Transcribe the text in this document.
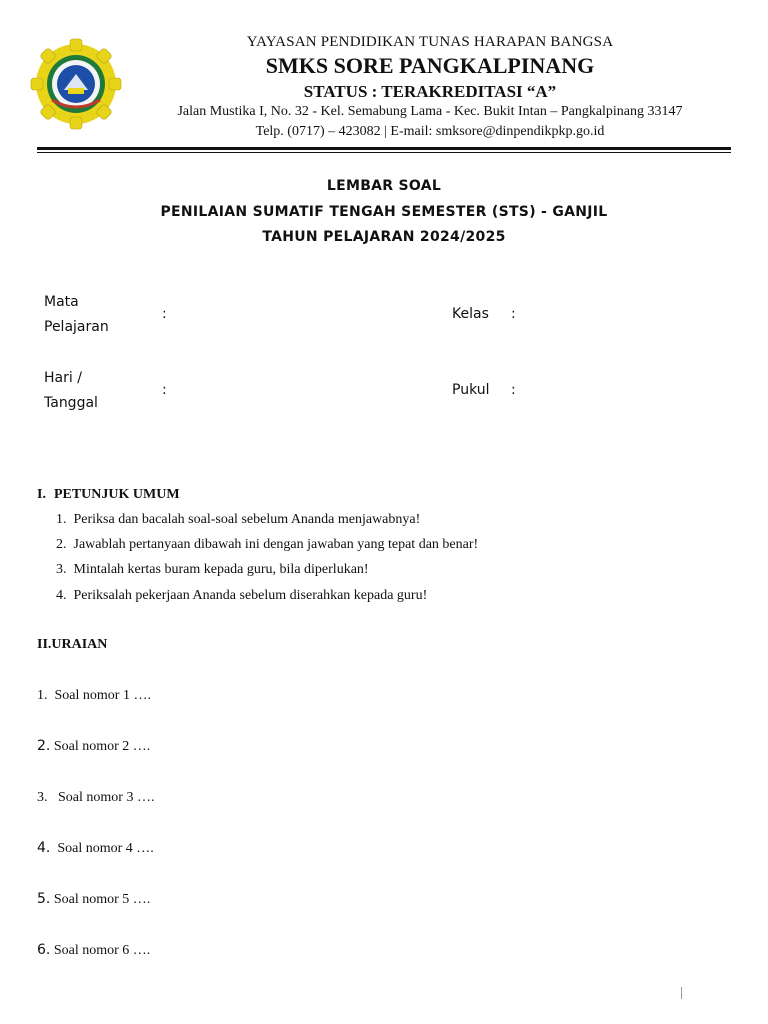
YAYASAN PENDIDIKAN TUNAS HARAPAN BANGSA
SMKS SORE PANGKALPINANG
STATUS : TERAKREDITASI “A”
Jalan Mustika I, No. 32 - Kel. Semabung Lama - Kec. Bukit Intan – Pangkalpinang 33147
Telp. (0717) – 423082 | E-mail: smksore@dinpendikpkp.go.id
LEMBAR SOAL
PENILAIAN SUMATIF TENGAH SEMESTER (STS) - GANJIL
TAHUN PELAJARAN 2024/2025
Mata
Pelajaran
:	Kelas :
Hari /
Tanggal
:	Pukul :
I. PETUNJUK UMUM
1. Periksa dan bacalah soal-soal sebelum Ananda menjawabnya!
2. Jawablah pertanyaan dibawah ini dengan jawaban yang tepat dan benar!
3. Mintalah kertas buram kepada guru, bila diperlukan!
4. Periksalah pekerjaan Ananda sebelum diserahkan kepada guru!
II.URAIAN
1. Soal nomor 1 ….
2. Soal nomor 2 ….
3. Soal nomor 3 ….
4. Soal nomor 4 ….
5. Soal nomor 5 ….
6. Soal nomor 6 ….
